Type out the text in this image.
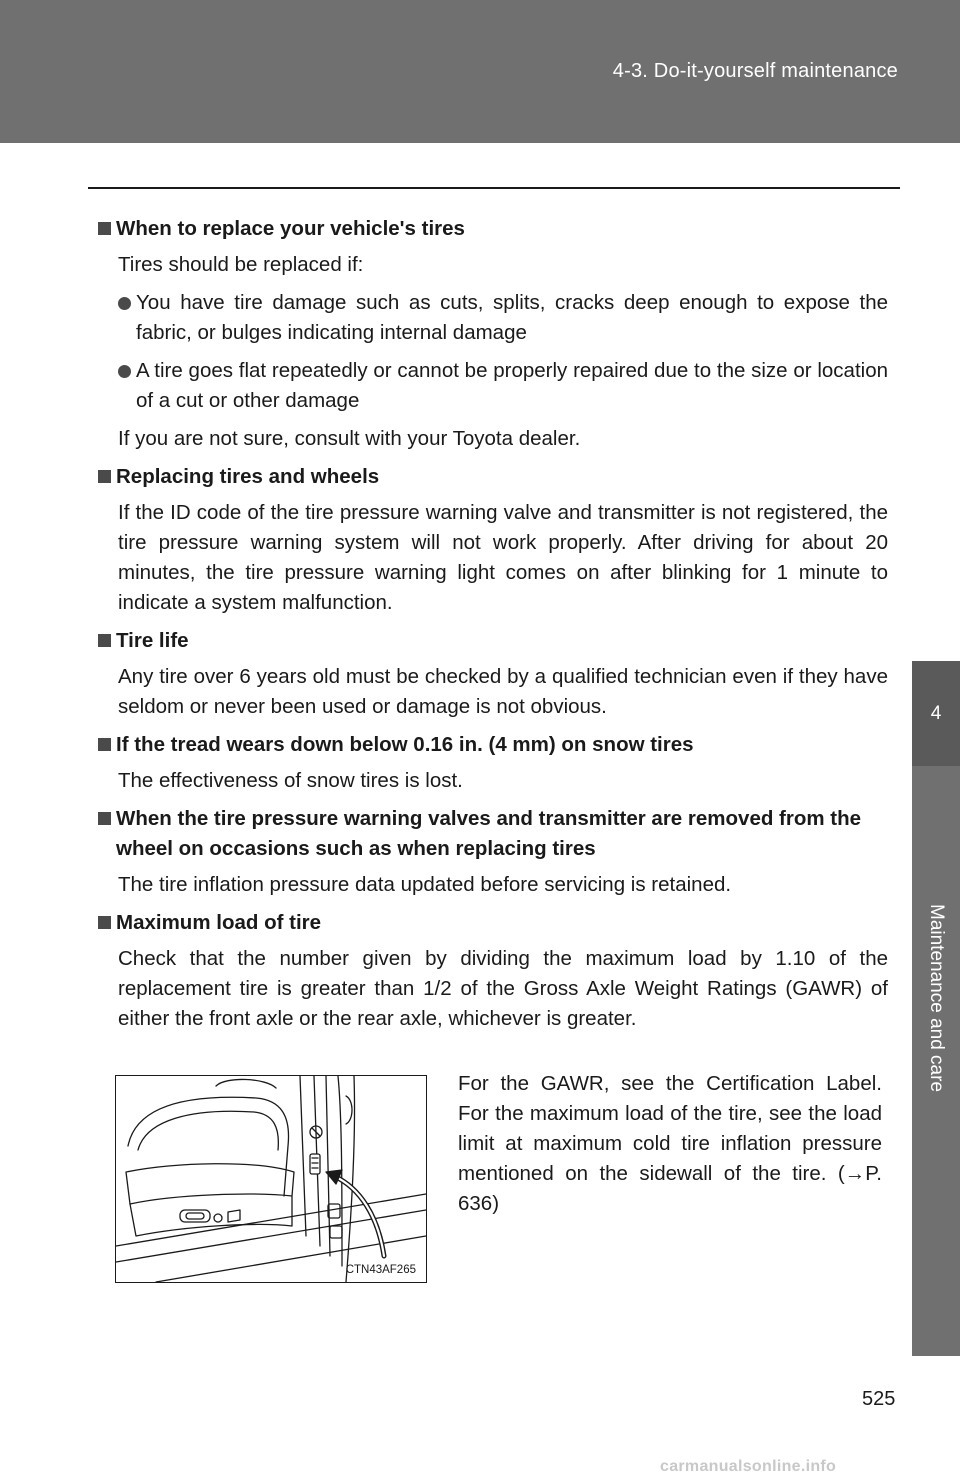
4-3. Do-it-yourself maintenance
4
Maintenance and care
When to replace your vehicle's tires
Tires should be replaced if:
You have tire damage such as cuts, splits, cracks deep enough to expose the fabric, or bulges indicating internal damage
A tire goes flat repeatedly or cannot be properly repaired due to the size or location of a cut or other damage
If you are not sure, consult with your Toyota dealer.
Replacing tires and wheels
If the ID code of the tire pressure warning valve and transmitter is not registered, the tire pressure warning system will not work properly. After driving for about 20 minutes, the tire pressure warning light comes on after blinking for 1 minute to indicate a system malfunction.
Tire life
Any tire over 6 years old must be checked by a qualified technician even if they have seldom or never been used or damage is not obvious.
If the tread wears down below 0.16 in. (4 mm) on snow tires
The effectiveness of snow tires is lost.
When the tire pressure warning valves and transmitter are removed from the wheel on occasions such as when replacing tires
The tire inflation pressure data updated before servicing is retained.
Maximum load of tire
Check that the number given by dividing the maximum load by 1.10 of the replacement tire is greater than 1/2 of the Gross Axle Weight Ratings (GAWR) of either the front axle or the rear axle, whichever is greater.
CTN43AF265
For the GAWR, see the Certification Label. For the maximum load of the tire, see the load limit at maximum cold tire inflation pressure mentioned on the sidewall of the tire. (→P. 636)
525
carmanualsonline.info
